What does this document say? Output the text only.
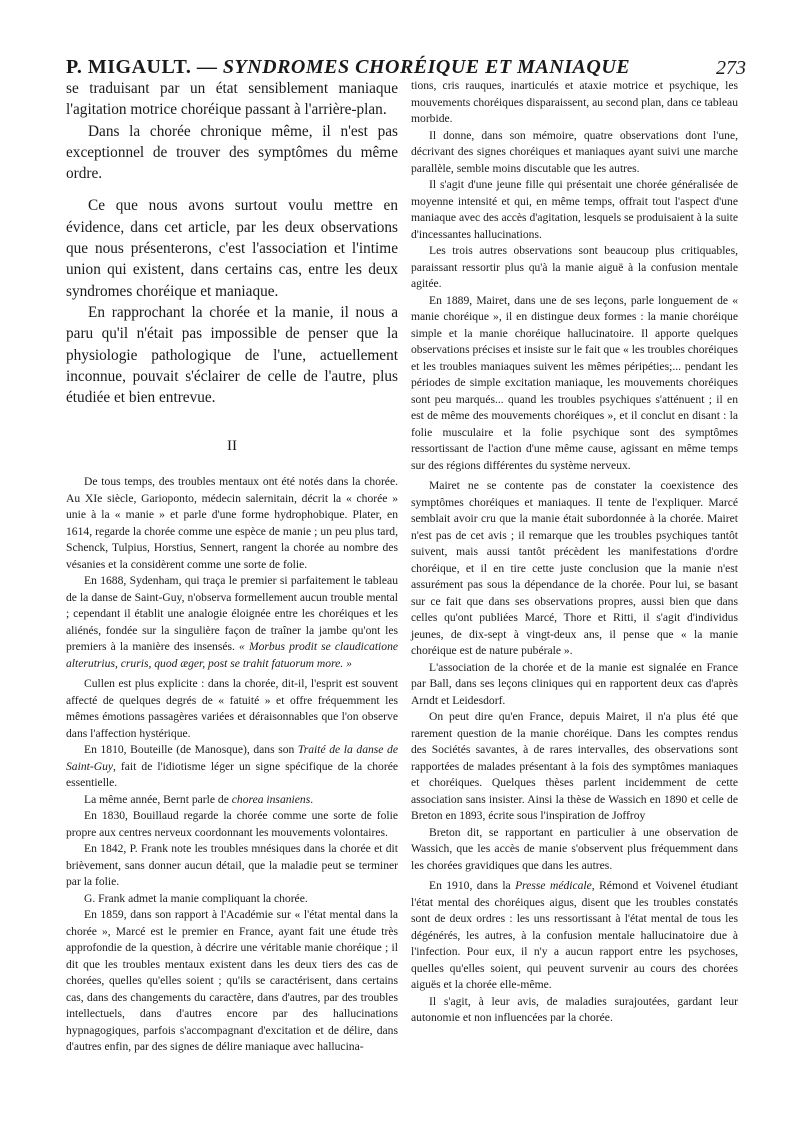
P. MIGAULT. — SYNDROMES CHORÉIQUE ET MANIAQUE	273

se traduisant par un état sensiblement maniaque l'agitation motrice choréique passant à l'arrière-plan.

Dans la chorée chronique même, il n'est pas exceptionnel de trouver des symptômes du même ordre.

Ce que nous avons surtout voulu mettre en évidence, dans cet article, par les deux observations que nous présenterons, c'est l'association et l'intime union qui existent, dans certains cas, entre les deux syndromes choréique et maniaque.

En rapprochant la chorée et la manie, il nous a paru qu'il n'était pas impossible de penser que la physiologie pathologique de l'une, actuellement inconnue, pouvait s'éclairer de celle de l'autre, plus étudiée et bien entrevue.

II

De tous temps, des troubles mentaux ont été notés dans la chorée. Au XIe siècle, Garioponto, médecin salernitain, décrit la « chorée » unie à la « manie » et parle d'une forme hydrophobique. Plater, en 1614, regarde la chorée comme une espèce de manie ; un peu plus tard, Schenck, Tulpius, Horstius, Sennert, rangent la chorée au nombre des vésanies et la considèrent comme une sorte de folie.

En 1688, Sydenham, qui traça le premier si parfaitement le tableau de la danse de Saint-Guy, n'observa formellement aucun trouble mental ; cependant il établit une analogie éloignée entre les choréiques et les aliénés, fondée sur la singulière façon de traîner la jambe qu'ont les premiers à la manière des insensés. « Morbus prodit se claudicatione alterutrius, cruris, quod æger, post se trahit fatuorum more. »

Cullen est plus explicite : dans la chorée, dit-il, l'esprit est souvent affecté de quelques degrés de « fatuité » et offre fréquemment les mêmes émotions passagères variées et déraisonnables que l'on observe dans l'affection hystérique.

En 1810, Bouteille (de Manosque), dans son Traité de la danse de Saint-Guy, fait de l'idiotisme léger un signe spécifique de la chorée essentielle.

La même année, Bernt parle de chorea insaniens.

En 1830, Bouillaud regarde la chorée comme une sorte de folie propre aux centres nerveux coordonnant les mouvements volontaires.

En 1842, P. Frank note les troubles mnésiques dans la chorée et dit brièvement, sans donner aucun détail, que la maladie peut se terminer par la folie.

G. Frank admet la manie compliquant la chorée.

En 1859, dans son rapport à l'Académie sur « l'état mental dans la chorée », Marcé est le premier en France, ayant fait une étude très approfondie de la question, à décrire une véritable manie choréique ; il dit que les troubles mentaux existent dans les deux tiers des cas de chorées, quelles qu'elles soient ; qu'ils se caractérisent, dans certains cas, dans des changements du caractère, dans d'autres, par des troubles intellectuels, dans d'autres encore par des hallucinations hypnagogiques, parfois s'accompagnant d'excitation et de délire, dans d'autres enfin, par des signes de délire maniaque avec hallucina-

tions, cris rauques, inarticulés et ataxie motrice et psychique, les mouvements choréiques disparaissent, au second plan, dans ce tableau morbide.

Il donne, dans son mémoire, quatre observations dont l'une, décrivant des signes choréiques et maniaques ayant suivi une marche parallèle, semble moins discutable que les autres.

Il s'agit d'une jeune fille qui présentait une chorée généralisée de moyenne intensité et qui, en même temps, offrait tout l'aspect d'une maniaque avec des accès d'agitation, lesquels se produisaient à la suite d'incessantes hallucinations.

Les trois autres observations sont beaucoup plus critiquables, paraissant ressortir plus qu'à la manie aiguë à la confusion mentale agitée.

En 1889, Mairet, dans une de ses leçons, parle longuement de « manie choréique », il en distingue deux formes : la manie choréique simple et la manie choréique hallucinatoire. Il apporte quelques observations précises et insiste sur le fait que « les troubles choréiques et les troubles maniaques suivent les mêmes péripéties;... pendant les périodes de simple excitation maniaque, les mouvements choréiques sont peu marqués... quand les troubles psychiques s'atténuent ; il en est de même des mouvements choréiques », et il conclut en disant : la folie musculaire et la folie psychique sont des symptômes ressortissant de l'action d'une même cause, agissant en même temps sur des régions différentes du système nerveux.

Mairet ne se contente pas de constater la coexistence des symptômes choréiques et maniaques. Il tente de l'expliquer. Marcé semblait avoir cru que la manie était subordonnée à la chorée. Mairet n'est pas de cet avis ; il remarque que les troubles psychiques tantôt suivent, mais aussi tantôt précèdent les manifestations d'ordre choréique, et il en tire cette juste conclusion que la manie n'est assurément pas sous la dépendance de la chorée. Pour lui, se basant sur ce fait que dans ses observations propres, aussi bien que dans celles qu'ont publiées Marcé, Thore et Ritti, il s'agit d'individus jeunes, de dix-sept à vingt-deux ans, il pense que « la manie choréique est de nature pubérale ».

L'association de la chorée et de la manie est signalée en France par Ball, dans ses leçons cliniques qui en rapportent deux cas d'après Arndt et Leidesdorf.

On peut dire qu'en France, depuis Mairet, il n'a plus été que rarement question de la manie choréique. Dans les comptes rendus des Sociétés savantes, à de rares intervalles, des observations sont rapportées de malades présentant à la fois des symptômes maniaques et choréiques. Quelques thèses parlent incidemment de cette association sans insister. Ainsi la thèse de Wassich en 1890 et celle de Breton en 1893, écrite sous l'inspiration de Joffroy

Breton dit, se rapportant en particulier à une observation de Wassich, que les accès de manie s'observent plus fréquemment dans les chorées gravidiques que dans les autres.

En 1910, dans la Presse médicale, Rémond et Voivenel étudiant l'état mental des choréiques aigus, disent que les troubles constatés sont de deux ordres : les uns ressortissant à l'état mental de tous les dégénérés, les autres, à la confusion mentale hallucinatoire due à l'infection. Pour eux, il n'y a aucun rapport entre les psychoses, quelles qu'elles soient, qui peuvent survenir au cours des chorées aiguës et la chorée elle-même.

Il s'agit, à leur avis, de maladies surajoutées, gardant leur autonomie et non influencées par la chorée.
